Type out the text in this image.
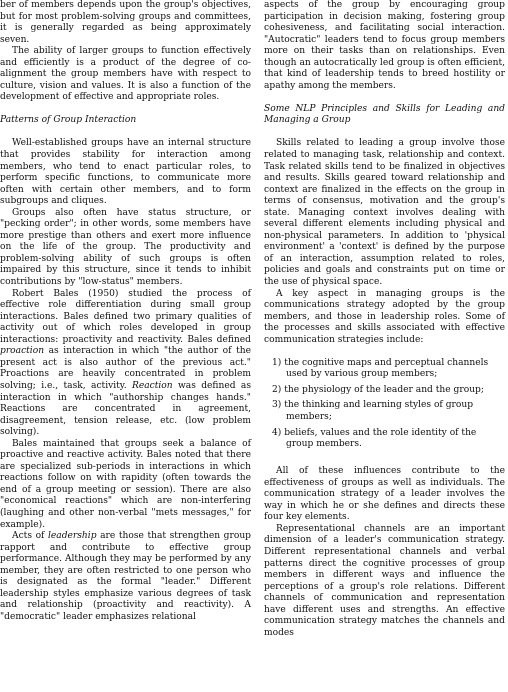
ber of members depends upon the group's objectives, but for most problem-solving groups and committees, it is generally regarded as being approximately seven.

The ability of larger groups to function effectively and efficiently is a product of the degree of co-alignment the group members have with respect to culture, vision and values. It is also a function of the development of effective and appropriate roles.

Patterns of Group Interaction

Well-established groups have an internal structure that provides stability for interaction among members, who tend to enact particular roles, to perform specific functions, to communicate more often with certain other members, and to form subgroups and cliques.

Groups also often have status structure, or "pecking order"; in other words, some members have more prestige than others and exert more influence on the life of the group. The productivity and problem-solving ability of such groups is often impaired by this structure, since it tends to inhibit contributions by "low-status" members.

Robert Bales (1950) studied the process of effective role differentiation during small group interactions. Bales defined two primary qualities of activity out of which roles developed in group interactions: proactivity and reactivity. Bales defined proaction as interaction in which "the author of the present act is also author of the previous act." Proactions are heavily concentrated in problem solving; i.e., task, activity. Reaction was defined as interaction in which "authorship changes hands." Reactions are concentrated in agreement, disagreement, tension release, etc. (low problem solving).

Bales maintained that groups seek a balance of proactive and reactive activity. Bales noted that there are specialized sub-periods in interactions in which reactions follow on with rapidity (often towards the end of a group meeting or session). There are also "economical reactions" which are non-interfering (laughing and other non-verbal "mets messages," for example).

Acts of leadership are those that strengthen group rapport and contribute to effective group performance. Although they may be performed by any member, they are often restricted to one person who is designated as the formal "leader." Different leadership styles emphasize various degrees of task and relationship (proactivity and reactivity). A "democratic" leader emphasizes relational

aspects of the group by encouraging group participation in decision making, fostering group cohesiveness, and facilitating social interaction. "Autocratic" leaders tend to focus group members more on their tasks than on relationships. Even though an autocratically led group is often efficient, that kind of leadership tends to breed hostility or apathy among the members.

Some NLP Principles and Skills for Leading and Managing a Group

Skills related to leading a group involve those related to managing task, relationship and context. Task related skills tend to be finalized in objectives and results. Skills geared toward relationship and context are finalized in the effects on the group in terms of consensus, motivation and the group's state. Managing context involves dealing with several different elements including physical and non-physical parameters. In addition to 'physical environment' a 'context' is defined by the purpose of an interaction, assumption related to roles, policies and goals and constraints put on time or the use of physical space.

A key aspect in managing groups is the communications strategy adopted by the group members, and those in leadership roles. Some of the processes and skills associated with effective communication strategies include:

1) the cognitive maps and perceptual channels used by various group members;
2) the physiology of the leader and the group;
3) the thinking and learning styles of group members;
4) beliefs, values and the role identity of the group members.

All of these influences contribute to the effectiveness of groups as well as individuals. The communication strategy of a leader involves the way in which he or she defines and directs these four key elements.

Representational channels are an important dimension of a leader's communication strategy. Different representational channels and verbal patterns direct the cognitive processes of group members in different ways and influence the perceptions of a group's role relations. Different channels of communication and representation have different uses and strengths. An effective communication strategy matches the channels and modes
